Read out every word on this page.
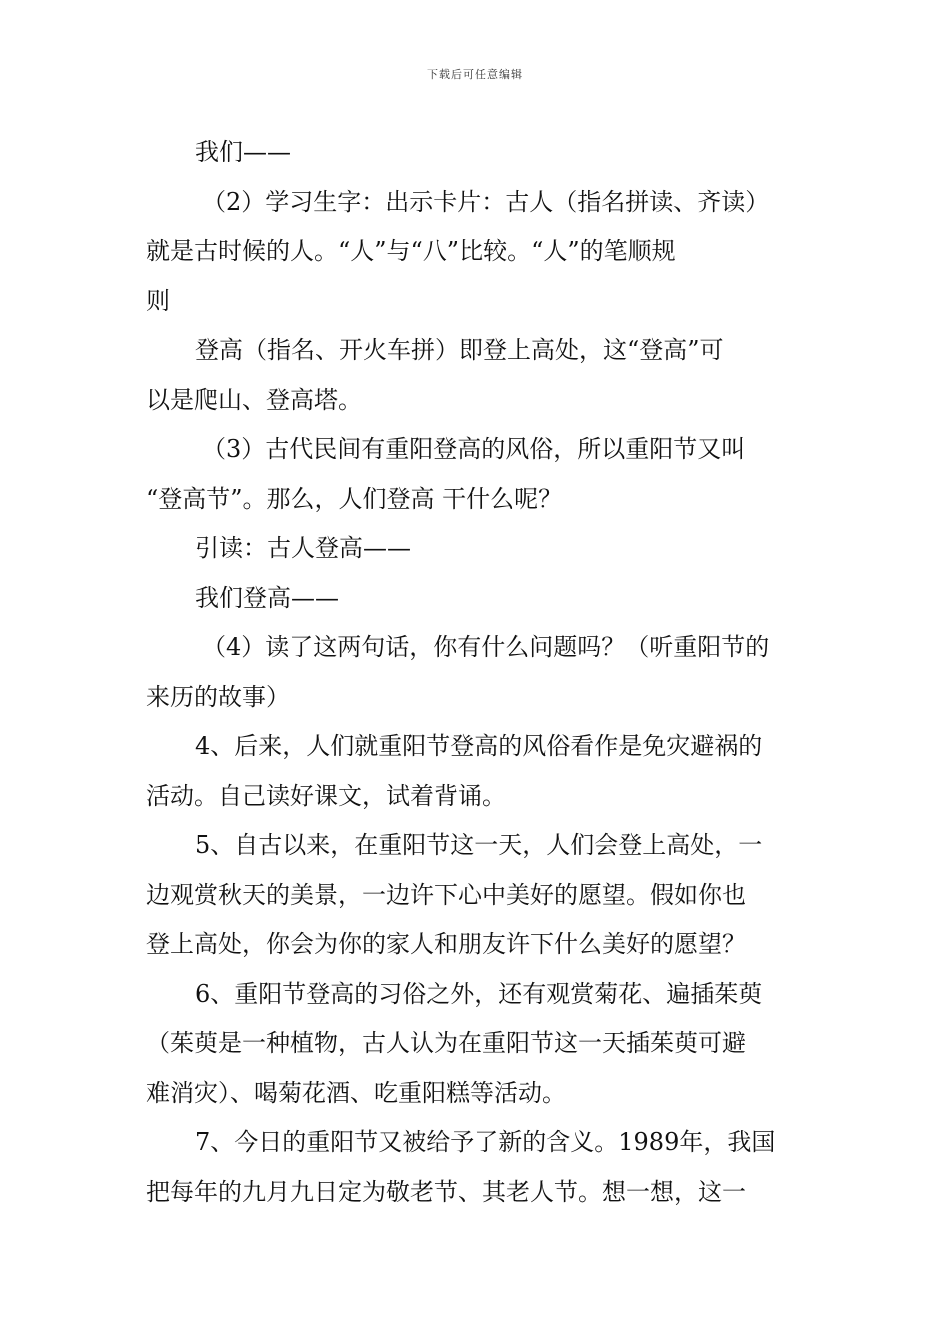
下载后可任意编辑
我们——
（2）学习生字：出示卡片：古人（指名拼读、齐读）
就是古时候的人。“人”与“八”比较。“人”的笔顺规
则
登高（指名、开火车拼）即登上高处，这“登高”可
以是爬山、登高塔。
（3）古代民间有重阳登高的风俗，所以重阳节又叫
“登高节”。那么，人们登高 干什么呢？
引读：古人登高——
我们登高——
（4）读了这两句话，你有什么问题吗？（听重阳节的
来历的故事）
4、后来，人们就重阳节登高的风俗看作是免灾避祸的
活动。自己读好课文，试着背诵。
5、自古以来，在重阳节这一天，人们会登上高处，一
边观赏秋天的美景，一边许下心中美好的愿望。假如你也
登上高处，你会为你的家人和朋友许下什么美好的愿望？
6、重阳节登高的习俗之外，还有观赏菊花、遍插茱萸
（茱萸是一种植物，古人认为在重阳节这一天插茱萸可避
难消灾）、喝菊花酒、吃重阳糕等活动。
7、今日的重阳节又被给予了新的含义。1989年，我国
把每年的九月九日定为敬老节、其老人节。想一想，这一
